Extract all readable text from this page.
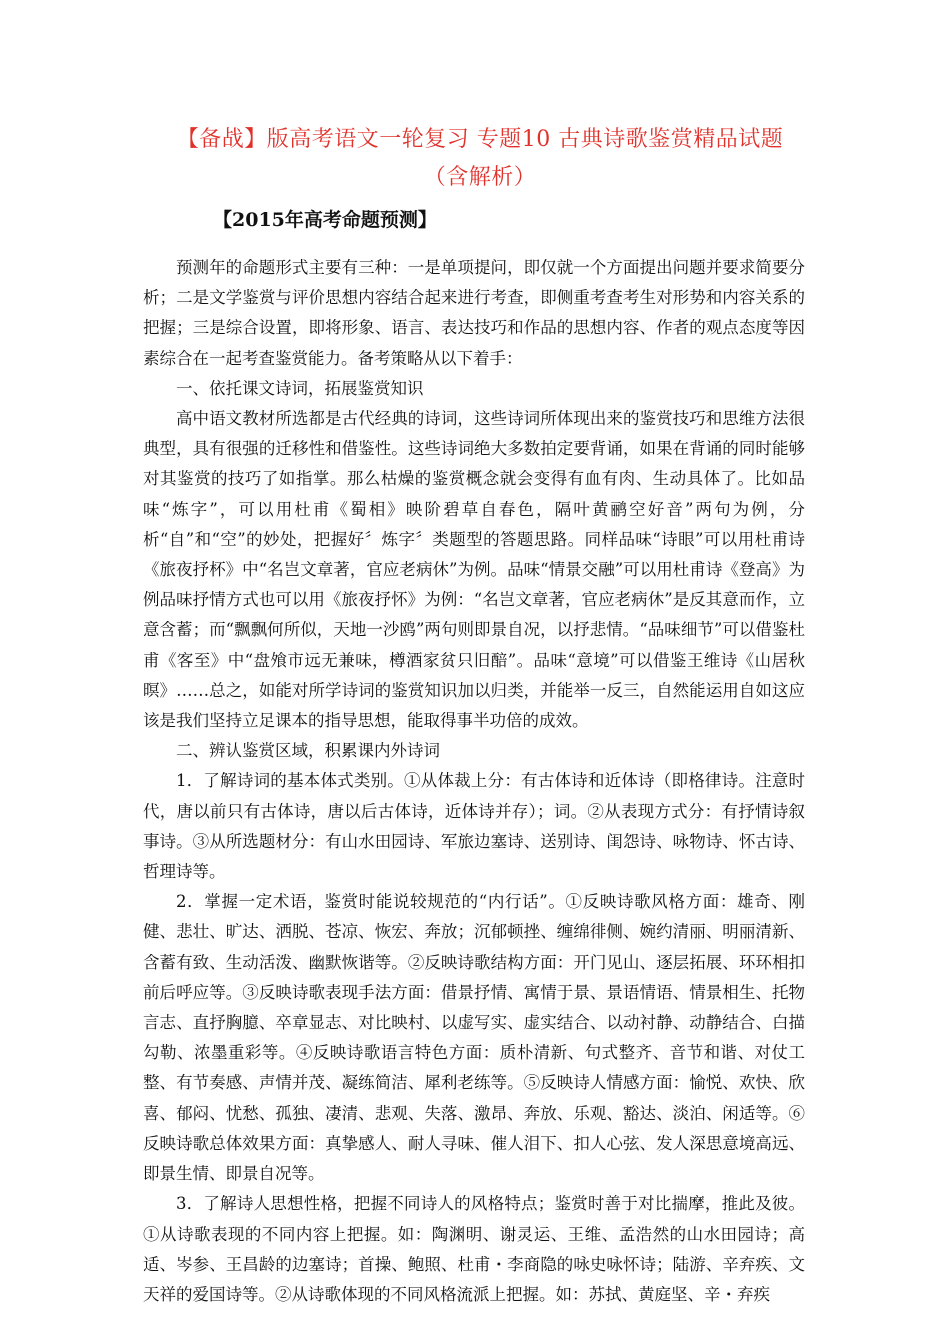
【备战】版高考语文一轮复习 专题10 古典诗歌鉴赏精品试题
（含解析）
【2015年高考命题预测】

预测年的命题形式主要有三种：一是单项提问，即仅就一个方面提出问题并要求简要分析；二是文学鉴赏与评价思想内容结合起来进行考查，即侧重考查考生对形势和内容关系的把握；三是综合设置，即将形象、语言、表达技巧和作品的思想内容、作者的观点态度等因素综合在一起考查鉴赏能力。备考策略从以下着手：

一、依托课文诗词，拓展鉴赏知识

高中语文教材所选都是古代经典的诗词，这些诗词所体现出来的鉴赏技巧和思维方法很典型，具有很强的迁移性和借鉴性。这些诗词绝大多数拍定要背诵，如果在背诵的同时能够对其鉴赏的技巧了如指掌。那么枯燥的鉴赏概念就会变得有血有肉、生动具体了。比如品味“炼字”，可以用杜甫《蜀相》映阶碧草自春色，隔叶黄鹂空好音”两句为例，分析“自”和“空”的妙处，把握好〞炼字〞类题型的答题思路。同样品味“诗眼”可以用杜甫诗《旅夜抒杯》中“名岂文章著，官应老病休”为例。品味“情景交融”可以用杜甫诗《登高》为例品味抒情方式也可以用《旅夜抒怀》为例：“名岂文章著，官应老病休”是反其意而作，立意含蓄；而“飘飘何所似，天地一沙鸥”两句则即景自况，以抒悲情。“品味细节”可以借鉴杜甫《客至》中“盘飧市远无兼味，樽酒家贫只旧醅”。品味“意境”可以借鉴王维诗《山居秋暝》……总之，如能对所学诗词的鉴赏知识加以归类，并能举一反三，自然能运用自如这应该是我们坚持立足课本的指导思想，能取得事半功倍的成效。

二、辨认鉴赏区域，积累课内外诗词

1．了解诗词的基本体式类别。①从体裁上分：有古体诗和近体诗（即格律诗。注意时代，唐以前只有古体诗，唐以后古体诗，近体诗并存）；词。②从表现方式分：有抒情诗叙事诗。③从所选题材分：有山水田园诗、军旅边塞诗、送别诗、闺怨诗、咏物诗、怀古诗、哲理诗等。

2．掌握一定术语，鉴赏时能说较规范的“内行话”。①反映诗歌风格方面：雄奇、刚健、悲壮、旷达、洒脱、苍凉、恢宏、奔放；沉郁顿挫、缠绵徘侧、婉约清丽、明丽清新、含蓄有致、生动活泼、幽默恢谐等。②反映诗歌结构方面：开门见山、逐层拓展、环环相扣前后呼应等。③反映诗歌表现手法方面：借景抒情、寓情于景、景语情语、情景相生、托物言志、直抒胸臆、卒章显志、对比映村、以虚写实、虚实结合、以动衬静、动静结合、白描勾勒、浓墨重彩等。④反映诗歌语言特色方面：质朴清新、句式整齐、音节和谐、对仗工整、有节奏感、声情并茂、凝练简洁、犀利老练等。⑤反映诗人情感方面：愉悦、欢快、欣喜、郁闷、忧愁、孤独、凄清、悲观、失落、激昂、奔放、乐观、豁达、淡泊、闲适等。⑥反映诗歌总体效果方面：真挚感人、耐人寻味、催人泪下、扣人心弦、发人深思意境高远、即景生情、即景自况等。

3．了解诗人思想性格，把握不同诗人的风格特点；鉴赏时善于对比揣摩，推此及彼。①从诗歌表现的不同内容上把握。如：陶渊明、谢灵运、王维、孟浩然的山水田园诗；高适、岑参、王昌龄的边塞诗；首操、鲍照、杜甫・李商隐的咏史咏怀诗；陆游、辛弃疾、文天祥的爱国诗等。②从诗歌体现的不同风格流派上把握。如：苏拭、黄庭坚、辛・弃疾
